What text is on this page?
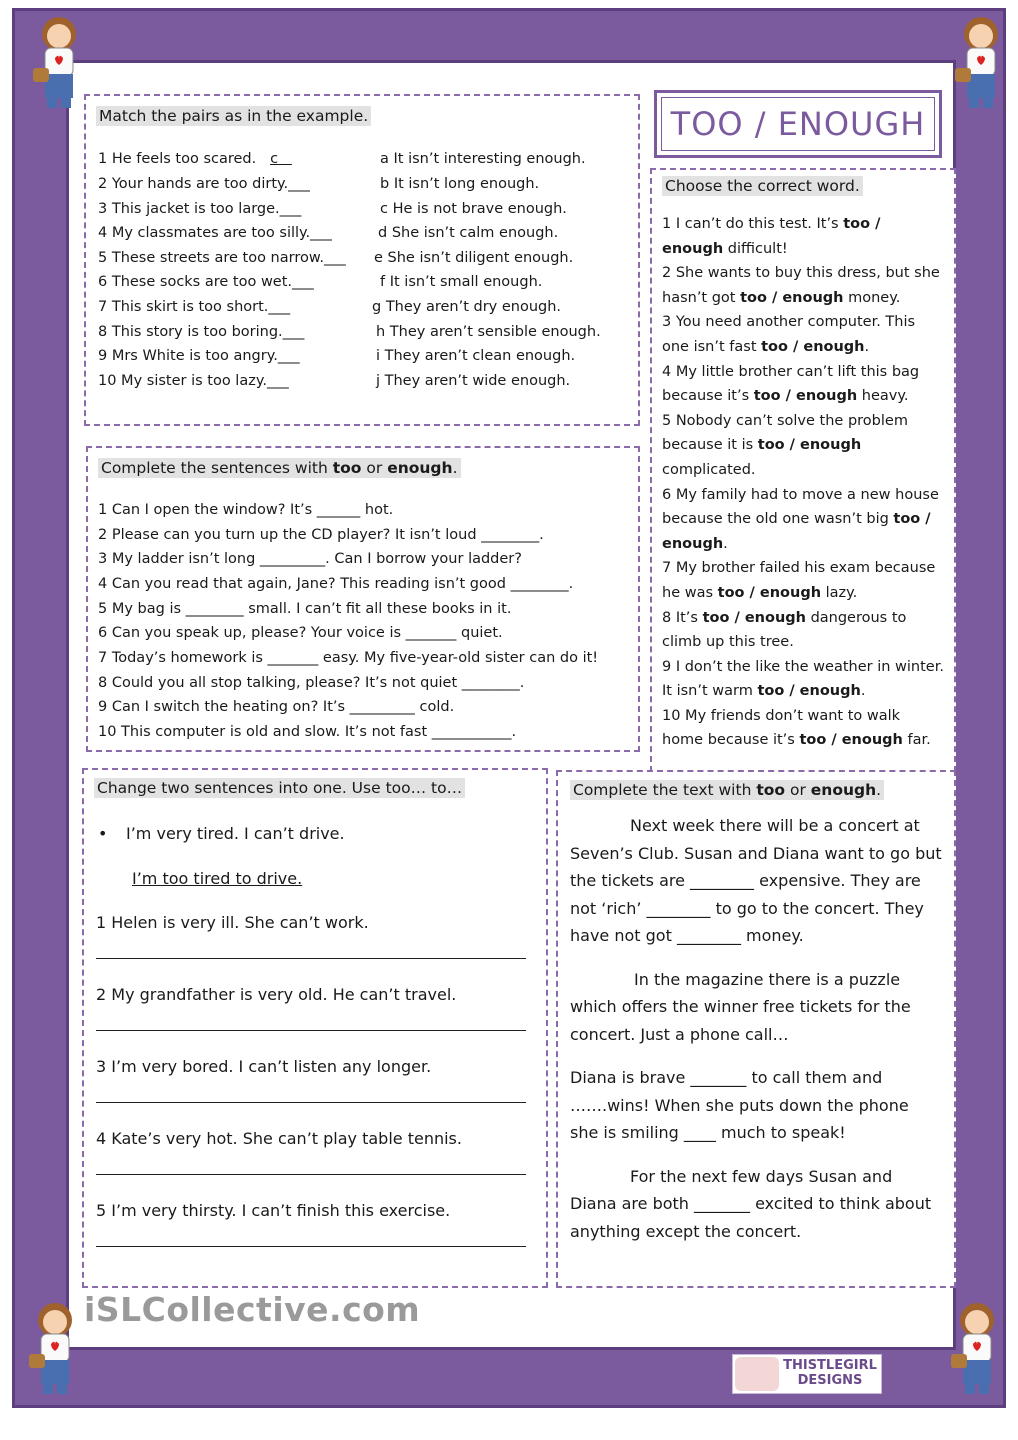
TOO / ENOUGH
Match the pairs as in the example.
1 He feels too scared. c
2 Your hands are too dirty.___
3 This jacket is too large.___
4 My classmates are too silly.___
5 These streets are too narrow.___
6 These socks are too wet.___
7 This skirt is too short.___
8 This story is too boring.___
9 Mrs White is too angry.___
10 My sister is too lazy.___
a It isn’t interesting enough.
b It isn’t long enough.
c He is not brave enough.
d She isn’t calm enough.
e She isn’t diligent enough.
f It isn’t small enough.
g They aren’t dry enough.
h They aren’t sensible enough.
i They aren’t clean enough.
j They aren’t wide enough.
Complete the sentences with too or enough.
1 Can I open the window? It’s ______ hot.
2 Please can you turn up the CD player? It isn’t loud ________.
3 My ladder isn’t long _________. Can I borrow your ladder?
4 Can you read that again, Jane? This reading isn’t good ________.
5 My bag is ________ small. I can’t fit all these books in it.
6 Can you speak up, please? Your voice is _______ quiet.
7 Today’s homework is _______ easy. My five-year-old sister can do it!
8 Could you all stop talking, please? It’s not quiet ________.
9 Can I switch the heating on? It’s _________ cold.
10 This computer is old and slow. It’s not fast ___________.
Choose the correct word.

1 I can’t do this test. It’s too / enough difficult!

2 She wants to buy this dress, but she hasn’t got too / enough money.

3 You need another computer. This one isn’t fast too / enough.

4 My little brother can’t lift this bag because it’s too / enough heavy.

5 Nobody can’t solve the problem because it is too / enough complicated.

6 My family had to move a new house because the old one wasn’t big too / enough.

7 My brother failed his exam because he was too / enough lazy.

8 It’s too / enough dangerous to climb up this tree.

9 I don’t the like the weather in winter. It isn’t warm too / enough.

10 My friends don’t want to walk home because it’s too / enough far.

Change two sentences into one. Use too… to…
• I’m very tired. I can’t drive.
I’m too tired to drive.
1 Helen is very ill. She can’t work.
2 My grandfather is very old. He can’t travel.
3 I’m very bored. I can’t listen any longer.
4 Kate’s very hot. She can’t play table tennis.
5 I’m very thirsty. I can’t finish this exercise.
Complete the text with too or enough.

Next week there will be a concert at Seven’s Club. Susan and Diana want to go but the tickets are ________ expensive. They are not ‘rich’ ________ to go to the concert. They have not got ________ money.

In the magazine there is a puzzle which offers the winner free tickets for the concert. Just a phone call…

Diana is brave _______ to call them and …….wins! When she puts down the phone she is smiling ____ much to speak!

For the next few days Susan and Diana are both _______ excited to think about anything except the concert.

iSLCollective.com
THISTLEGIRL
DESIGNS
